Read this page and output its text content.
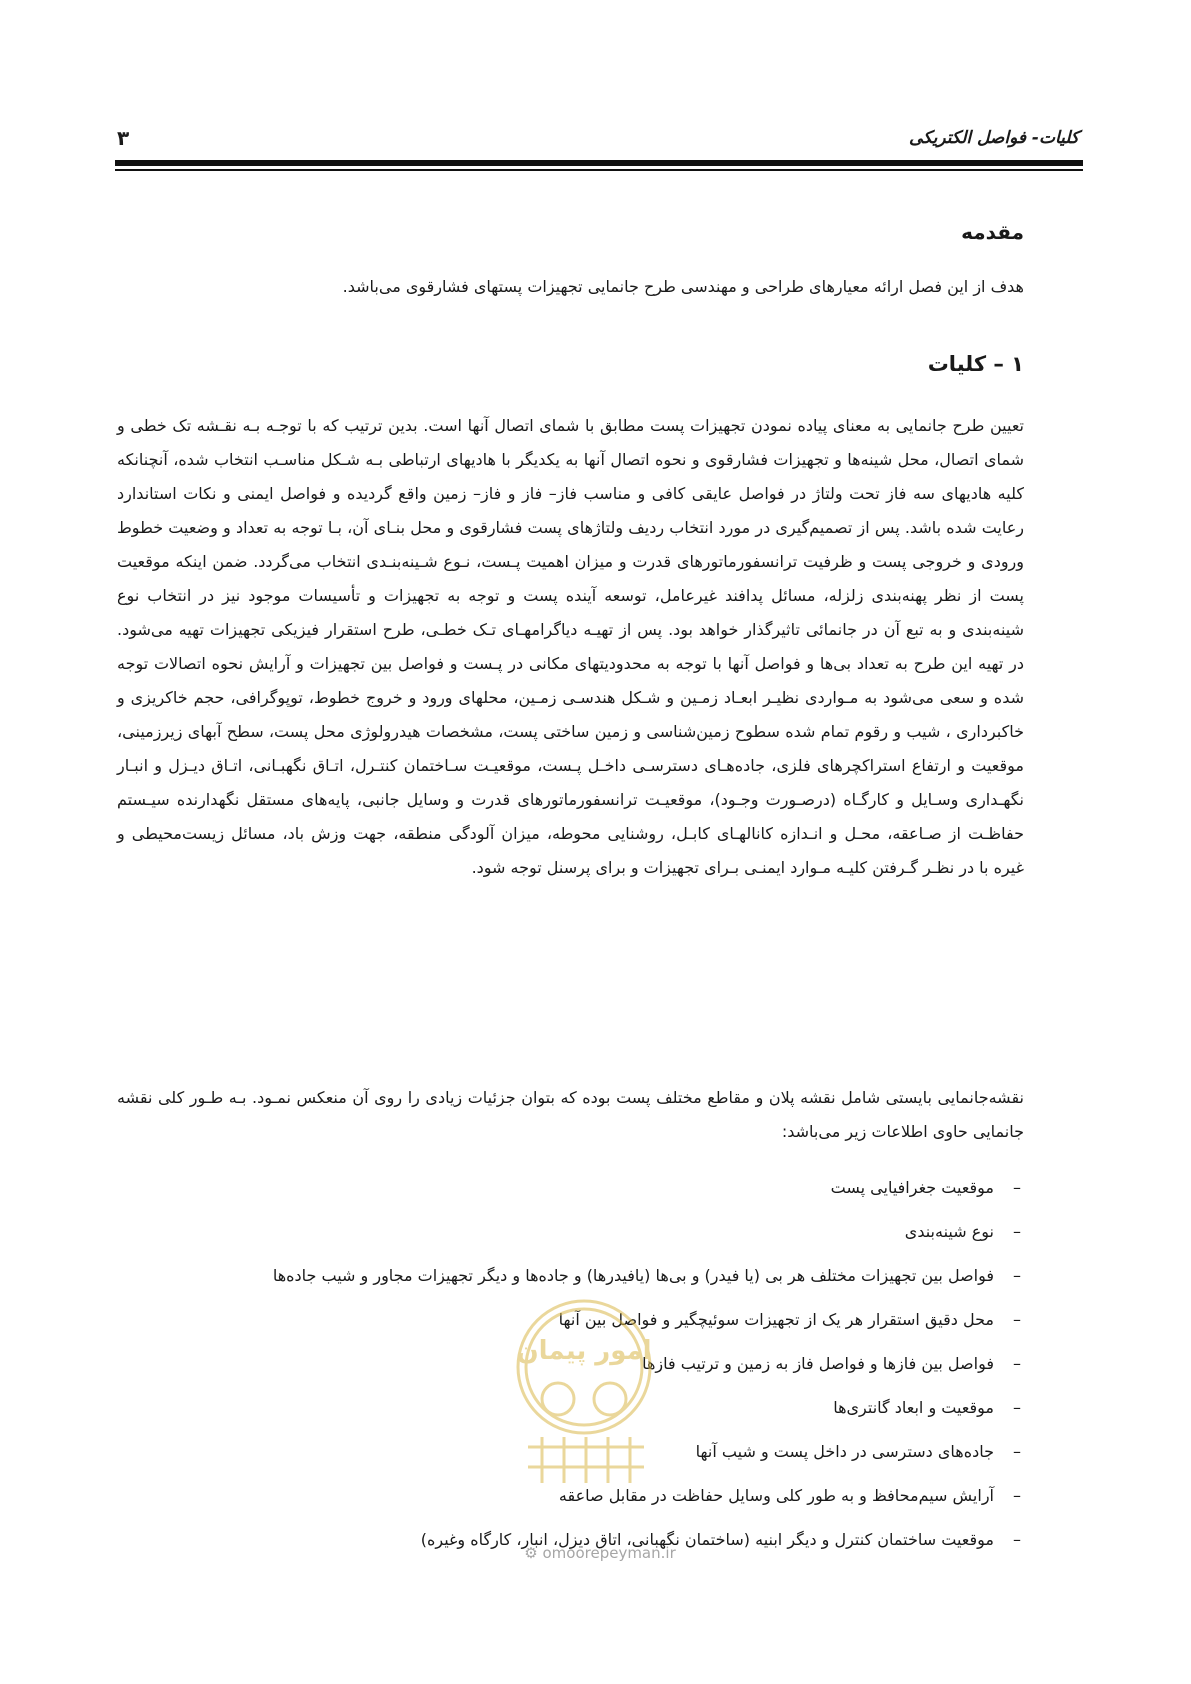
کلیات- فواصل الکتریکی
۳
مقدمه

هدف از این فصل ارائه معیارهای طراحی و مهندسی طرح جانمایی تجهیزات پستهای فشارقوی می‌باشد.

۱ – کلیات

تعیین طرح جانمایی به معنای پیاده نمودن تجهیزات پست مطابق با شمای اتصال آنها است. بدین ترتیب که با توجـه بـه نقـشه تک خطی و شمای اتصال، محل شینه‌ها و تجهیزات فشارقوی و نحوه اتصال آنها به یکدیگر با هادیهای ارتباطی بـه شـکل مناسـب انتخاب شده، آنچنانکه کلیه هادیهای سه فاز تحت ولتاژ در فواصل عایقی کافی و مناسب فاز– فاز و فاز– زمین واقع گردیده و فواصل ایمنی و نکات استاندارد رعایت شده باشد. پس از تصمیم‌گیری در مورد انتخاب ردیف ولتاژهای پست فشارقوی و محل بنـای آن، بـا توجه به تعداد و وضعیت خطوط ورودی و خروجی پست و ظرفیت ترانسفورماتورهای قدرت و میزان اهمیت پـست، نـوع شـینه‌بنـدی انتخاب می‌گردد. ضمن اینکه موقعیت پست از نظر پهنه‌بندی زلزله، مسائل پدافند غیرعامل، توسعه آینده پست و توجه به تجهیزات و تأسیسات موجود نیز در انتخاب نوع شینه‌بندی و به تبع آن در جانمائی تاثیرگذار خواهد بود. پس از تهیـه دیاگرامهـای تـک خطـی، طرح استقرار فیزیکی تجهیزات تهیه می‌شود. در تهیه این طرح به تعداد بی‌ها و فواصل آنها با توجه به محدودیتهای مکانی در پـست و فواصل بین تجهیزات و آرایش نحوه اتصالات توجه شده و سعی می‌شود به مـواردی نظیـر ابعـاد زمـین و شـکل هندسـی زمـین، محلهای ورود و خروج خطوط، توپوگرافی، حجم خاکریزی و خاکبرداری ، شیب و رقوم تمام شده سطوح زمین‌شناسی و زمین ساختی پست، مشخصات هیدرولوژی محل پست، سطح آبهای زیرزمینی، موقعیت و ارتفاع استراکچرهای فلزی، جاده‌هـای دسترسـی داخـل پـست، موقعیـت سـاختمان کنتـرل، اتـاق نگهبـانی، اتـاق دیـزل و انبـار نگهـداری وسـایل و کارگـاه (درصـورت وجـود)، موقعیـت ترانسفورماتورهای قدرت و وسایل جانبی، پایه‌های مستقل نگهدارنده سیـستم حفاظـت از صـاعقه، محـل و انـدازه کانالهـای کابـل، روشنایی محوطه، میزان آلودگی منطقه، جهت وزش باد، مسائل زیست‌محیطی و غیره با در نظـر گـرفتن کلیـه مـوارد ایمنـی بـرای تجهیزات و برای پرسنل توجه شود.

نقشه‌جانمایی بایستی شامل نقشه پلان و مقاطع مختلف پست بوده که بتوان جزئیات زیادی را روی آن منعکس نمـود. بـه طـور کلی نقشه جانمایی حاوی اطلاعات زیر می‌باشد:

–
موقعیت جغرافیایی پست
–
نوع شینه‌بندی
–
فواصل بین تجهیزات مختلف هر بی (یا فیدر) و بی‌ها (یافیدرها) و جاده‌ها و دیگر تجهیزات مجاور و شیب جاده‌ها
–
محل دقیق استقرار هر یک از تجهیزات سوئیچگیر و فواصل بین آنها
–
فواصل بین فازها و فواصل فاز به زمین و ترتیب فازها
–
موقعیت و ابعاد گانتری‌ها
–
جاده‌های دسترسی در داخل پست و شیب آنها
–
آرایش سیم‌محافظ و به طور کلی وسایل حفاظت در مقابل صاعقه
–
موقعیت ساختمان کنترل و دیگر ابنیه (ساختمان نگهبانی، اتاق دیزل، انبار، کارگاه وغیره)
امور پیمان
⚙ omoorepeyman.ir
